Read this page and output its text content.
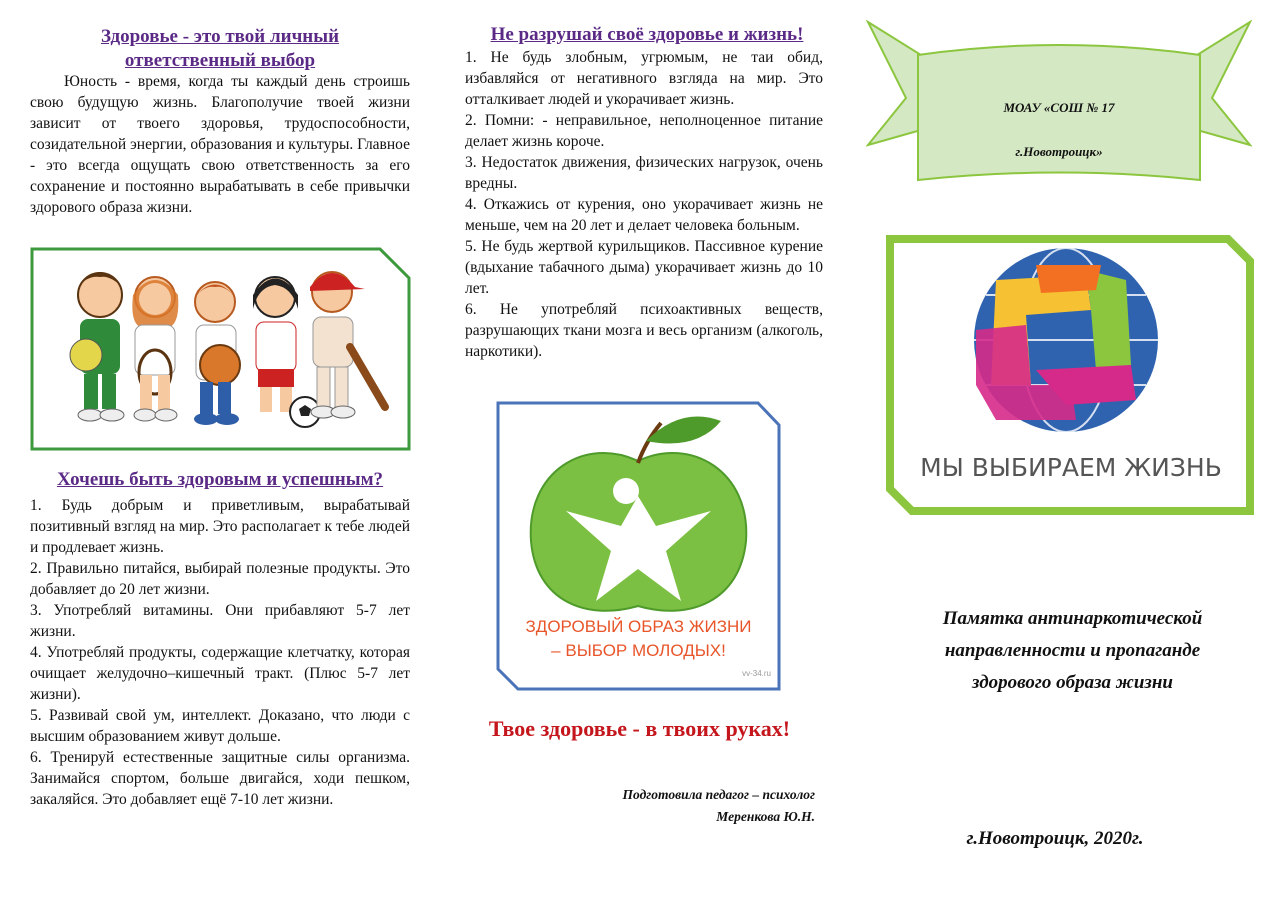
Здоровье - это твой личный
ответственный выбор
Юность - время, когда ты каждый день строишь свою будущую жизнь. Благополучие твоей жизни зависит от твоего здоровья, трудоспособности, созидательной энергии, образования и культуры. Главное - это всегда ощущать свою ответственность за его сохранение и постоянно вырабатывать в себе привычки здорового образа жизни.
Хочешь быть здоровым и успешным?

1. Будь добрым и приветливым, вырабатывай позитивный взгляд на мир. Это располагает к тебе людей и продлевает жизнь.

2. Правильно питайся, выбирай полезные продукты. Это добавляет до 20 лет жизни.

3. Употребляй витамины. Они прибавляют 5-7 лет жизни.

4. Употребляй продукты, содержащие клетчатку, которая очищает желудочно–кишечный тракт. (Плюс 5-7 лет жизни).

5. Развивай свой ум, интеллект. Доказано, что люди с высшим образованием живут дольше.

6. Тренируй естественные защитные силы организма. Занимайся спортом, больше двигайся, ходи пешком, закаляйся. Это добавляет ещё 7-10 лет жизни.

Не разрушай своё здоровье и жизнь!

1. Не будь злобным, угрюмым, не таи обид, избавляйся от негативного взгляда на мир. Это отталкивает людей и укорачивает жизнь.

2. Помни: - неправильное, неполноценное питание делает жизнь короче.

3. Недостаток движения, физических нагрузок, очень вредны.

4. Откажись от курения, оно укорачивает жизнь не меньше, чем на 20 лет и делает человека больным.

5. Не будь жертвой курильщиков. Пассивное курение (вдыхание табачного дыма) укорачивает жизнь до 10 лет.

6. Не употребляй психоактивных веществ, разрушающих ткани мозга и весь организм (алкоголь, наркотики).

ЗДОРОВЫЙ ОБРАЗ ЖИЗНИ
– ВЫБОР МОЛОДЫХ!
vv-34.ru
Твое здоровье - в твоих руках!
Подготовила педагог – психолог
Меренкова Ю.Н.
МОАУ «СОШ № 17
г.Новотроицк»
МЫ ВЫБИРАЕМ ЖИЗНЬ
Памятка антинаркотической
направленности и пропаганде
здорового образа жизни
г.Новотроицк, 2020г.
